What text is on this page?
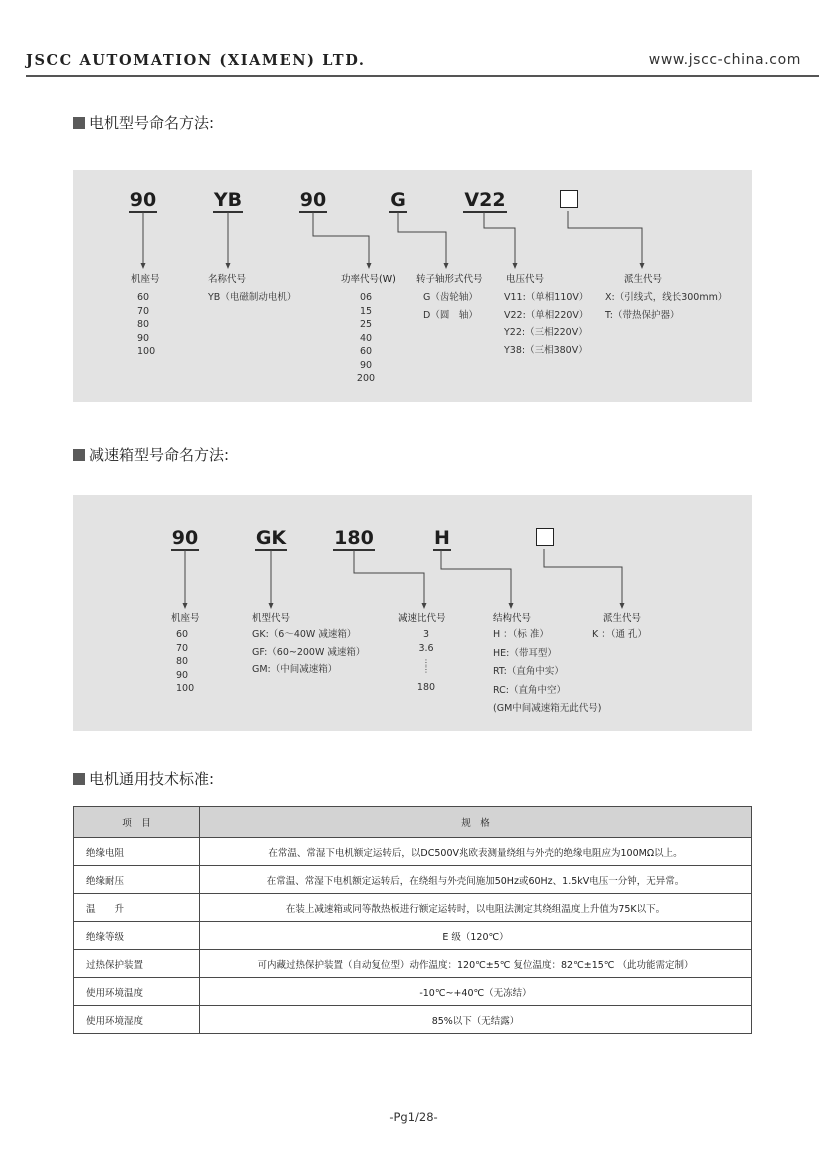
JSCC AUTOMATION (XIAMEN) LTD.	www.jscc-china.com
电机型号命名方法:
90	YB	90	G	V22
机座号	名称代号	功率代号(W) 转子轴形式代号 电压代号	派生代号
60
70
80
90
100
YB（电磁制动电机）	06
15
25
40
60
90
200
G（齿轮轴）
D（圆　轴）
V11:（单相110V）
V22:（单相220V）
Y22:（三相220V）
Y38:（三相380V）
X:（引线式，线长300mm）
T:（带热保护器）
减速箱型号命名方法:
90	GK	180	H
机座号	机型代号	减速比代号	结构代号	派生代号
60
70
80
90
100
GK:（6～40W 减速箱）
GF:（60~200W 减速箱）
GM:（中间减速箱）
3
3.6
⋮
⋮
180
H ：（标 准）
HE:（带耳型）
RT:（直角中实）
RC:（直角中空）
(GM中间减速箱无此代号)
K ：（通 孔）
电机通用技术标准:
项　目	规　格
绝缘电阻	在常温、常湿下电机额定运转后，以DC500V兆欧表测量绕组与外壳的绝缘电阻应为100MΩ以上。
绝缘耐压	在常温、常湿下电机额定运转后，在绕组与外壳间施加50Hz或60Hz、1.5kV电压一分钟，无异常。
温　　升	在装上减速箱或同等散热板进行额定运转时，以电阻法测定其绕组温度上升值为75K以下。
绝缘等级	E 级（120℃）
过热保护装置	可内藏过热保护装置（自动复位型）动作温度：120℃±5℃ 复位温度：82℃±15℃ （此功能需定制）
使用环境温度	-10℃~+40℃（无冻结）
使用环境湿度	85%以下（无结露）
-Pg1/28-
